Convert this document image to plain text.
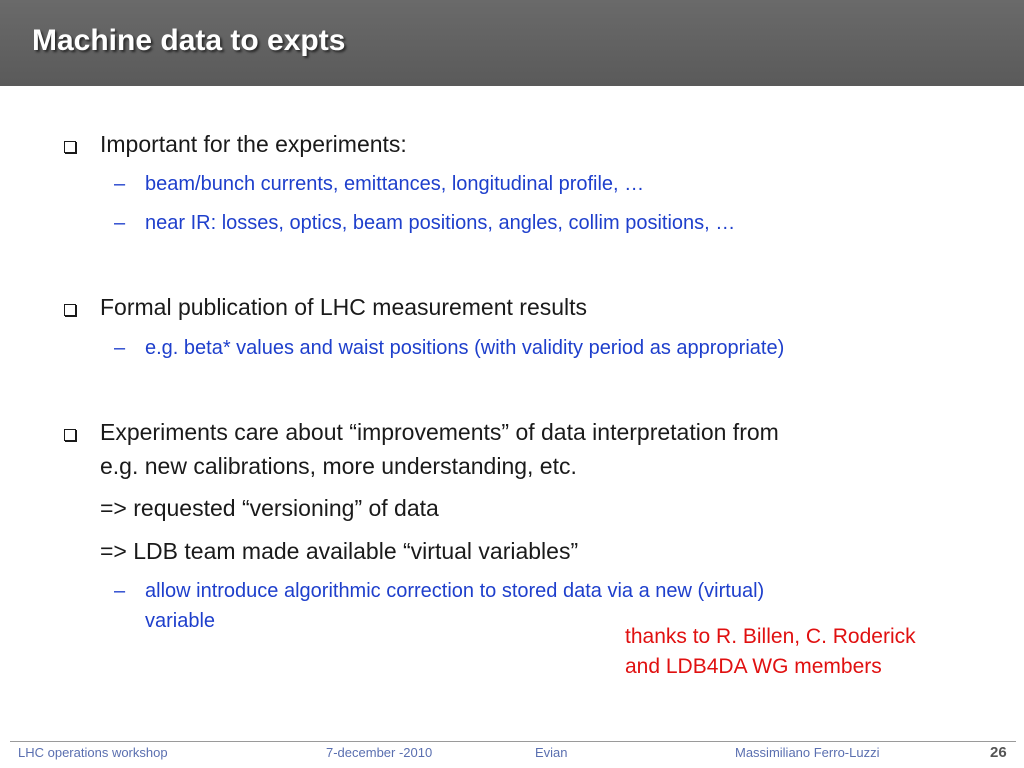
Machine data to expts
Important for the experiments:
– beam/bunch currents, emittances, longitudinal profile, …
– near IR: losses, optics, beam positions, angles, collim positions, …
Formal publication of LHC measurement results
– e.g. beta* values and waist positions (with validity period as appropriate)
Experiments care about “improvements” of data interpretation from
e.g. new calibrations, more understanding, etc.
=> requested “versioning” of data
=> LDB team made available “virtual variables”
– allow introduce algorithmic correction to stored data via a new (virtual)
variable
thanks to R. Billen, C. Roderick
and LDB4DA WG members
LHC operations workshop	7-december -2010	Evian	Massimiliano Ferro-Luzzi	26
